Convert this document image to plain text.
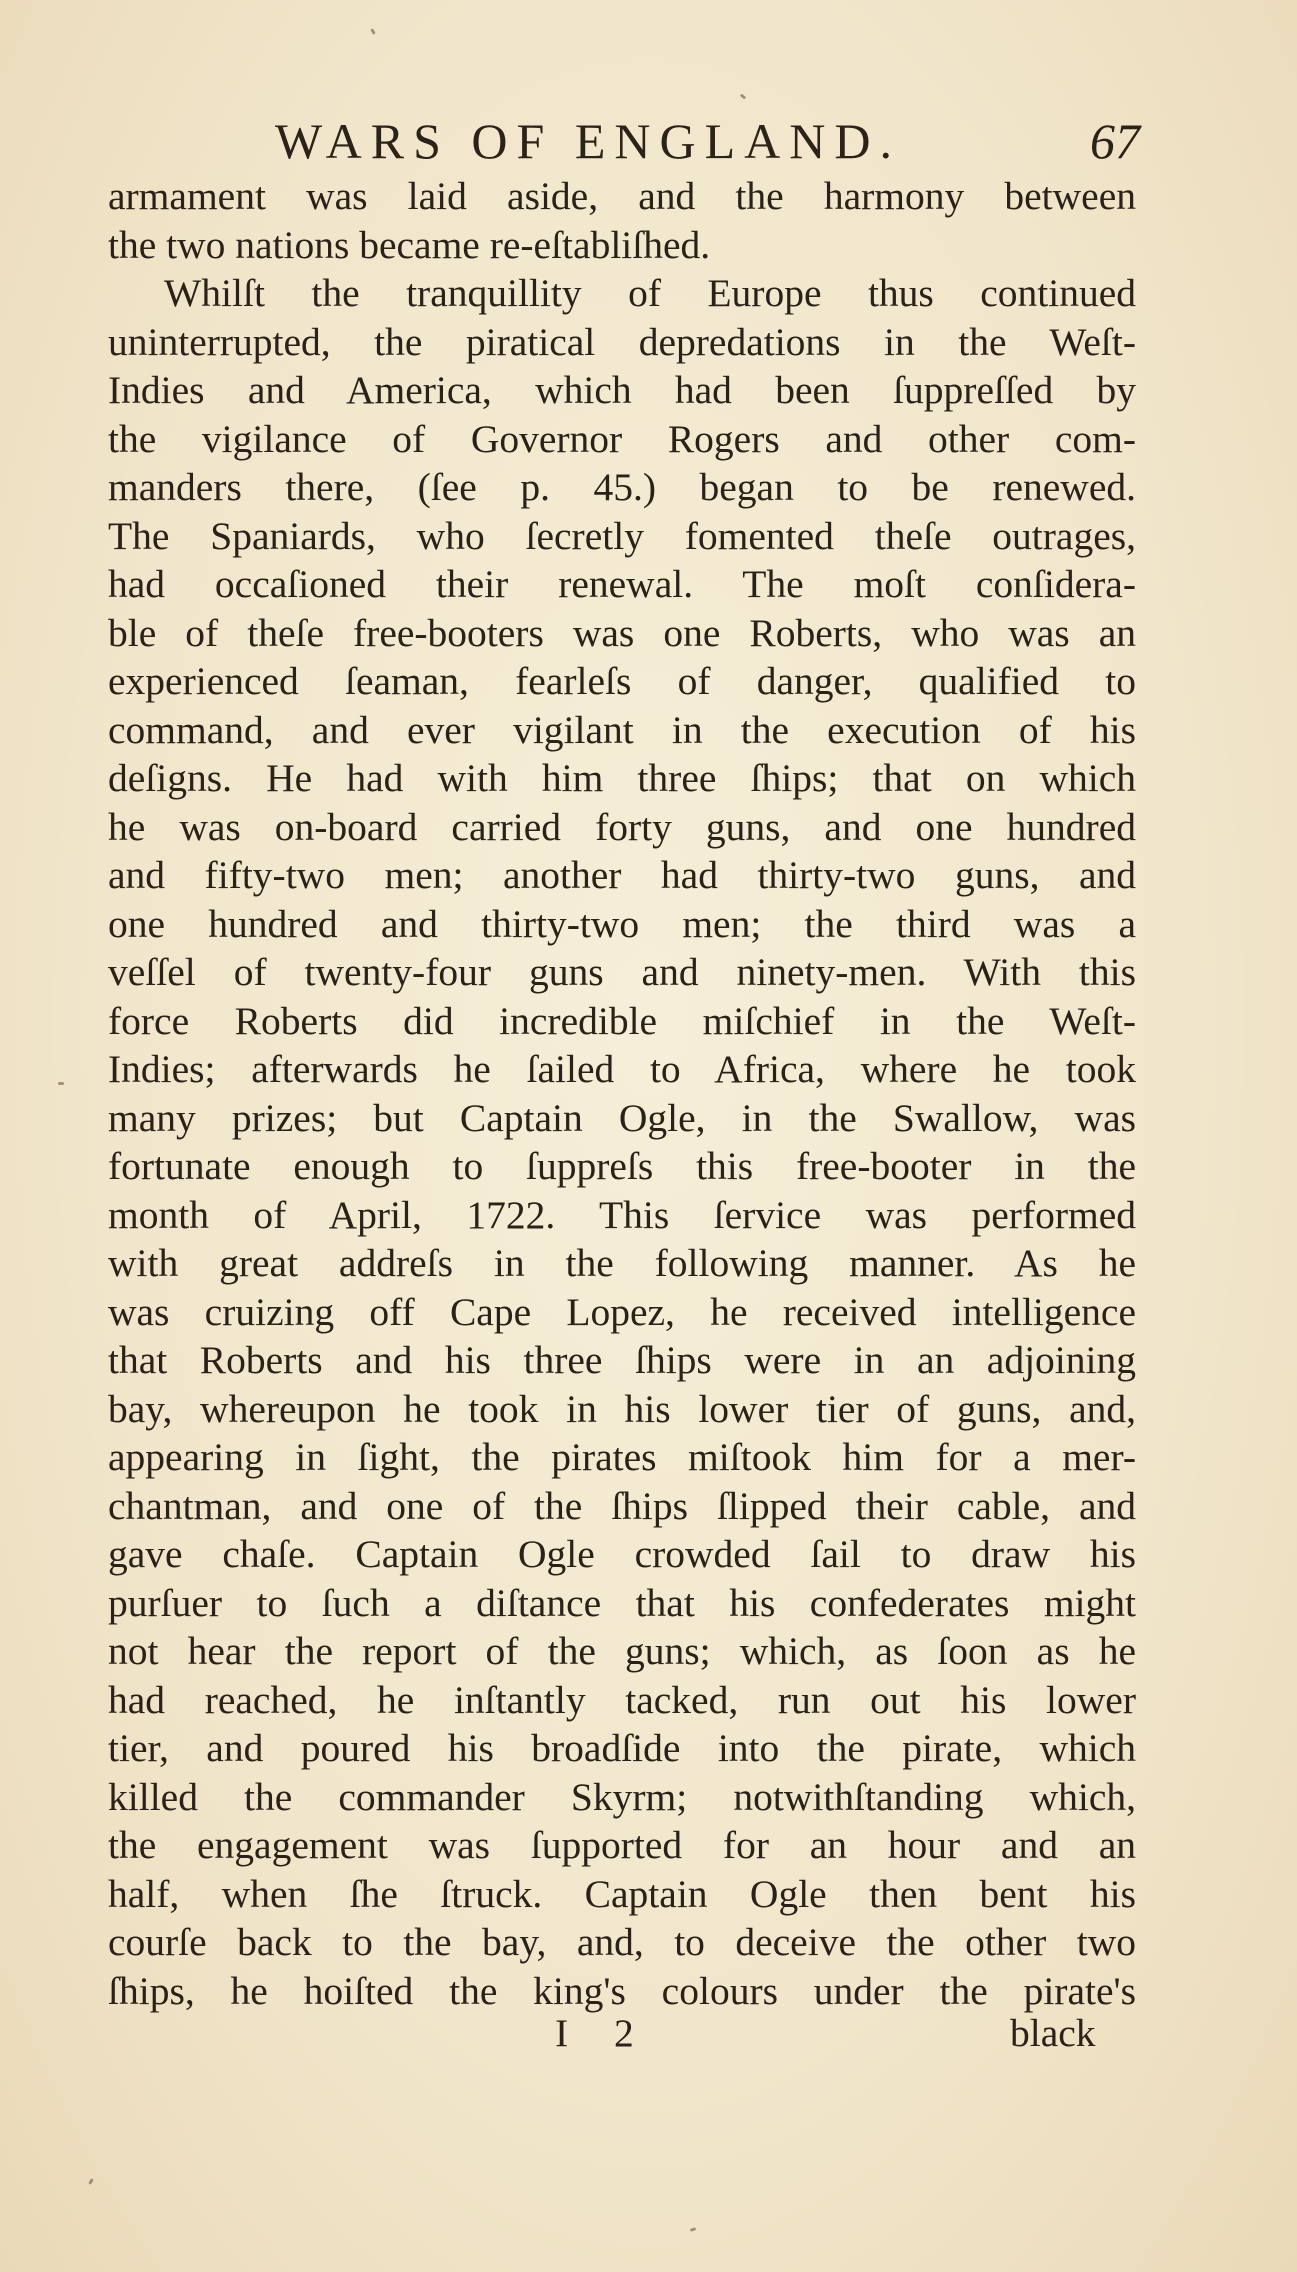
WARS OF ENGLAND.	67
armament was laid aside, and the harmony between
the two nations became re-eſtabliſhed.
Whilſt the tranquillity of Europe thus continued
uninterrupted, the piratical depredations in the Weſt-
Indies and America, which had been ſuppreſſed by
the vigilance of Governor Rogers and other com-
manders there, (ſee p. 45.) began to be renewed.
The Spaniards, who ſecretly fomented theſe outrages,
had occaſioned their renewal. The moſt conſidera-
ble of theſe free-booters was one Roberts, who was an
experienced ſeaman, fearleſs of danger, qualified to
command, and ever vigilant in the execution of his
deſigns. He had with him three ſhips; that on which
he was on-board carried forty guns, and one hundred
and fifty-two men; another had thirty-two guns, and
one hundred and thirty-two men; the third was a
veſſel of twenty-four guns and ninety-men. With this
force Roberts did incredible miſchief in the Weſt-
Indies; afterwards he ſailed to Africa, where he took
many prizes; but Captain Ogle, in the Swallow, was
fortunate enough to ſuppreſs this free-booter in the
month of April, 1722. This ſervice was performed
with great addreſs in the following manner. As he
was cruizing off Cape Lopez, he received intelligence
that Roberts and his three ſhips were in an adjoining
bay, whereupon he took in his lower tier of guns, and,
appearing in ſight, the pirates miſtook him for a mer-
chantman, and one of the ſhips ſlipped their cable, and
gave chaſe. Captain Ogle crowded ſail to draw his
purſuer to ſuch a diſtance that his confederates might
not hear the report of the guns; which, as ſoon as he
had reached, he inſtantly tacked, run out his lower
tier, and poured his broadſide into the pirate, which
killed the commander Skyrm; notwithſtanding which,
the engagement was ſupported for an hour and an
half, when ſhe ſtruck. Captain Ogle then bent his
courſe back to the bay, and, to deceive the other two
ſhips, he hoiſted the king's colours under the pirate's
I 2	black
